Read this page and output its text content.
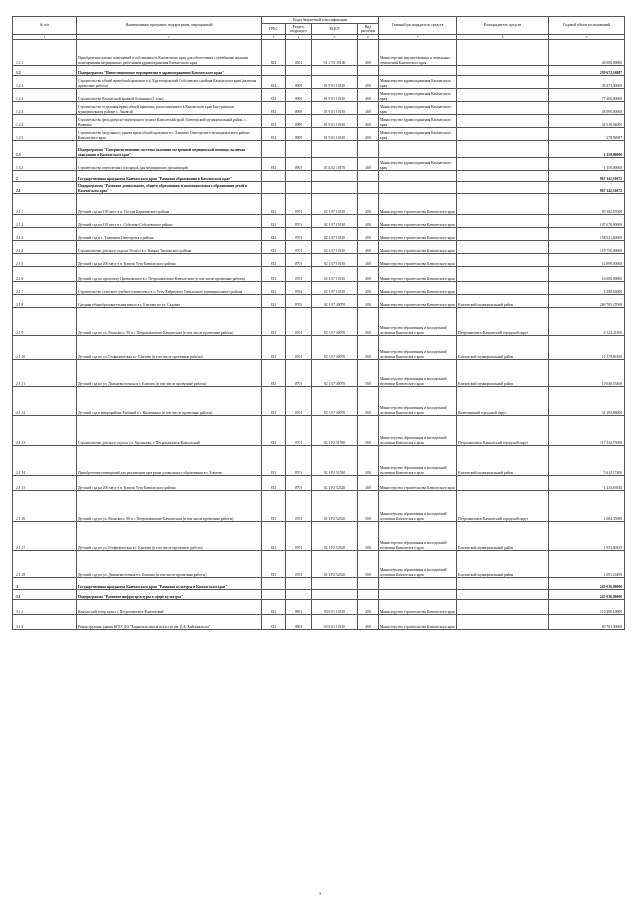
№ п/п	Наименование программ, подпрограмм, мероприятий	Коды бюджетной классификации				Главный распорядитель средств	Распорядитель средств	Годовой объем ассигнований
		ГРБС	Раздел, подраздел	КЦСР	Вид расходов			
1	2	3	4	5	6	7	8	9
1.1.1	Приобретение жилых помещений в собственность Камчатского края для обеспечения служебными жилыми помещениями медицинских работников здравоохранения Камчатского края	822	0501	01 1 Э1 10140	400	Министерство имущественных и земельных отношений Камчатского края		46 000,00000
1.2	Подпрограмма "Инвестиционные мероприятия в здравоохранении Камчатского края"							239 672,16087
1.2.1	Строительство общей врачебной практики в п. Крутогоровский Соболевского района Камчатского края (включая проектные работы)	814	0909	01 9 01 10130	400	Министерство здравоохранения Камчатского края		38 473,30000
1.2.2	Строительство Камчатской краевой больницы (1 этап)	814	0909	01 9 01 10130	400	Министерство здравоохранения Камчатского края		77 400,00000
1.2.3	Строительство отделения врача общей практики, расположенного в Камчатском крае Быстринском муниципальном районе с. Анавгай	814	0909	01 9 01 10130	400	Министерство здравоохранения Камчатского края		48 000,00000
1.2.4	Строительство фельдшерско-акушерского пункта Камчатский край, Олюторский муниципальный район, с. Вывенка	814	0909	01 9 01 10130	400	Министерство здравоохранения Камчатского края		34 519,94000
1.2.5	Строительство модульного здания врача общей практики в с. Хаилино Олюторского муниципального района Камчатского края	814	0909	01 9 01 10130	400	Министерство здравоохранения Камчатского края		278,92087
1.3	Подпрограмма "Совершенствование системы оказания экстренной медицинской помощи, включая эвакуацию в Камчатском крае"							1 350,00000
1.3.1	Строительство вертолетных площадок для медицинских организаций	814	0901	01 Б 02 10170	400	Министерство здравоохранения Камчатского края		1 350,00000
2	Государственная программа Камчатского края "Развитие образования в Камчатском крае"							967 342,16072
2.1	Подпрограмма "Развитие дошкольного, общего образования и дополнительного образования детей в Камчатском крае"							967 342,16072
2.1.1	Детский сад на 150 мест в п. Оссора Карагинского района	812	0701	02 1 07 10130	400	Министерство строительства Камчатского края		83 382,07000
2.1.2	Детский сад на 110 мест в с. Соболево Соболевского района	812	0701	02 1 07 10130	400	Министерство строительства Камчатского края		107 678,00000
2.1.3	Детский сад в с. Тиличики Олюторского района	812	0701	02 1 07 10130	400	Министерство строительства Камчатского края		158 621,60000
2.1.4	Строительство детского сада на 30 мест в с. Каврал Тигильского района	812	0701	02 1 07 10130	400	Министерство строительства Камчатского края		119 750,00000
2.1.5	Детский сад на 200 мест в п. Ключи Усть-Камчатского района	812	0701	02 1 07 10130	400	Министерство строительства Камчатского края		14 890,00000
2.1.6	Детский сад по проспекту Циолковского в г. Петропавловске-Камчатском (в том числе проектные работы)	812	0701	02 1 07 10130	400	Министерство строительства Камчатского края		16 000,00000
2.1.7	Строительство сельского учебного комплекса в с. Усть-Хайрюзово Тигильского муниципального района	812	0702	02 1 07 10130	400	Министерство строительства Камчатского края		4 488,63000
2.1.8	Средняя общеобразовательная школа в г. Елизово по ул. Садовая	812	0702	02 1 07 40070	500	Министерство строительства Камчатского края	Елизовский муниципальный район	260 785,27000
2.1.9	Детский сад по ул. Вольского, 90 в г. Петропавловске-Камчатском (в том числе проектные работы)	813	0701	02 1 07 40070	500	Министерство образования и молодежной политики Камчатского края	Петропавловск-Камчатский городской округ	6 324,41500
2.1.10	Детский сад по ул. Геофизическая в г. Елизово (в том числе проектные работы)	813	0701	02 1 07 40070	500	Министерство образования и молодежной политики Камчатского края	Елизовский муниципальный район	11 379,69100
2.1.11	Детский сад по ул. Дальневосточная в г. Елизово (в том числе проектные работы)	813	0701	02 1 07 40070	500	Министерство образования и молодежной политики Камчатского края	Елизовский муниципальный район	10 046,53400
2.1.12	Детский сад в микрорайоне Рыбачий в г. Вилючинск (в том числе проектные работы)	813	0701	02 1 07 40070	500	Министерство образования и молодежной политики Камчатского края	Вилючинский городской округ	44 183,86000
2.1.13	Строительство детского сада по ул. Арсеньева, г. Петропавловск-Камчатский	813	0701	02 1 P2 51590	500	Министерство образования и молодежной политики Камчатского края	Петропавловск-Камчатский городской округ	117 322,75000
2.1.14	Приобретение помещений для реализации программ дошкольного образования в г. Елизово	813	0701	02 1 P2 51590	500	Министерство образования и молодежной политики Камчатского края	Елизовский муниципальный район	5 612,17400
2.1.15	Детский сад на 200 мест в п. Ключи Усть-Камчатского района	812	0701	02 1 P2 52320	400	Министерство строительства Камчатского края		1 434,63948
2.1.16	Детский сад по ул. Вольского, 90 в г. Петропавловске-Камчатском (в том числе проектные работы)	813	0701	02 1 P2 52320	500	Министерство образования и молодежной политики Камчатского края	Петропавловск-Камчатский городской округ	1 004,35980
2.1.17	Детский сад по ул. Геофизическая в г. Елизово (в том числе проектные работы)	813	0701	02 1 P2 52320	500	Министерство образования и молодежной политики Камчатского края	Елизовский муниципальный район	1 953,00435
2.1.18	Детский сад по ул. Дальневосточная в г. Елизово (в том числе проектные работы)	813	0701	02 1 P2 52320	500	Министерство образования и молодежной политики Камчатского края	Елизовский муниципальный район	1 091,16499
3	Государственная программа Камчатского края "Развитие культуры в Камчатском крае"							245 036,90000
3.1	Подпрограмма "Развитие инфраструктуры в сфере культуры"							245 036,90000
3.1.1	Камчатский театр кукол г. Петропавловск-Камчатский	812	0801	03 6 01 10130	400	Министерство строительства Камчатского края		110 268,10000
3.1.2	Реконструкция здания КГБУ ДО "Корякская школа искусств им. Д.Б. Кайгынытола"	812	0801	03 6 01 10130	400	Министерство строительства Камчатского края		83 701,30000
3
